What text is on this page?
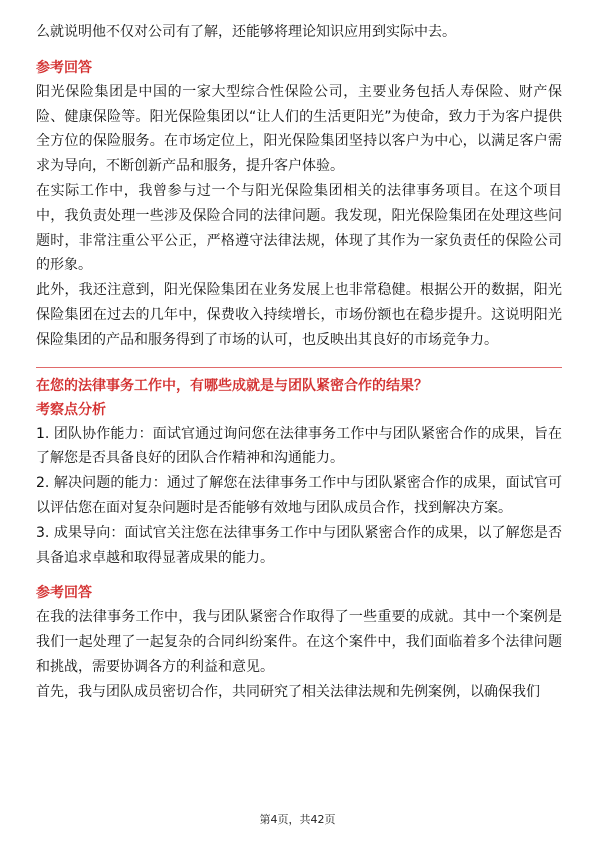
么就说明他不仅对公司有了解，还能够将理论知识应用到实际中去。

参考回答

阳光保险集团是中国的一家大型综合性保险公司，主要业务包括人寿保险、财产保险、健康保险等。阳光保险集团以“让人们的生活更阳光”为使命，致力于为客户提供全方位的保险服务。在市场定位上，阳光保险集团坚持以客户为中心，以满足客户需求为导向，不断创新产品和服务，提升客户体验。

在实际工作中，我曾参与过一个与阳光保险集团相关的法律事务项目。在这个项目中，我负责处理一些涉及保险合同的法律问题。我发现，阳光保险集团在处理这些问题时，非常注重公平公正，严格遵守法律法规，体现了其作为一家负责任的保险公司的形象。

此外，我还注意到，阳光保险集团在业务发展上也非常稳健。根据公开的数据，阳光保险集团在过去的几年中，保费收入持续增长，市场份额也在稳步提升。这说明阳光保险集团的产品和服务得到了市场的认可，也反映出其良好的市场竞争力。

在您的法律事务工作中，有哪些成就是与团队紧密合作的结果？

考察点分析

1. 团队协作能力：面试官通过询问您在法律事务工作中与团队紧密合作的成果，旨在了解您是否具备良好的团队合作精神和沟通能力。

2. 解决问题的能力：通过了解您在法律事务工作中与团队紧密合作的成果，面试官可以评估您在面对复杂问题时是否能够有效地与团队成员合作，找到解决方案。

3. 成果导向：面试官关注您在法律事务工作中与团队紧密合作的成果，以了解您是否具备追求卓越和取得显著成果的能力。

参考回答

在我的法律事务工作中，我与团队紧密合作取得了一些重要的成就。其中一个案例是我们一起处理了一起复杂的合同纠纷案件。在这个案件中，我们面临着多个法律问题和挑战，需要协调各方的利益和意见。

首先，我与团队成员密切合作，共同研究了相关法律法规和先例案例，以确保我们

第4页，共42页
